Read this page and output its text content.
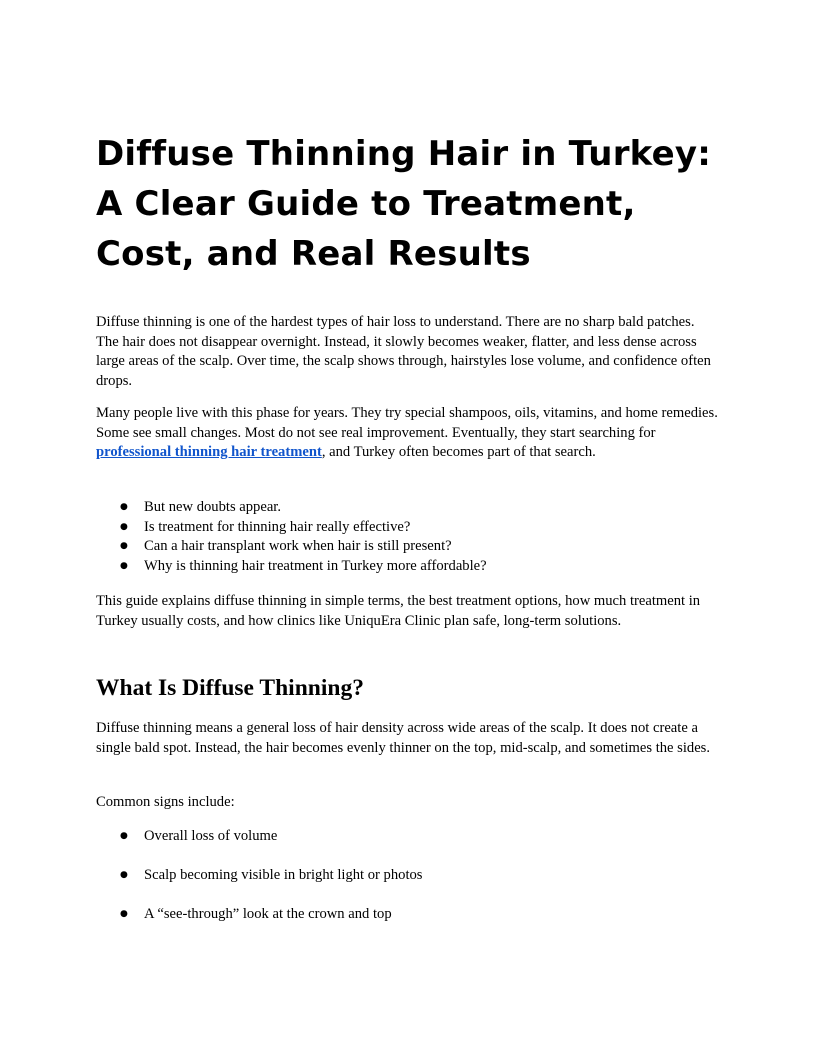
Diffuse Thinning Hair in Turkey: A Clear Guide to Treatment, Cost, and Real Results

Diffuse thinning is one of the hardest types of hair loss to understand. There are no sharp bald patches. The hair does not disappear overnight. Instead, it slowly becomes weaker, flatter, and less dense across large areas of the scalp. Over time, the scalp shows through, hairstyles lose volume, and confidence often drops.

Many people live with this phase for years. They try special shampoos, oils, vitamins, and home remedies. Some see small changes. Most do not see real improvement. Eventually, they start searching for professional thinning hair treatment, and Turkey often becomes part of that search.

● But new doubts appear.
● Is treatment for thinning hair really effective?
● Can a hair transplant work when hair is still present?
● Why is thinning hair treatment in Turkey more affordable?

This guide explains diffuse thinning in simple terms, the best treatment options, how much treatment in Turkey usually costs, and how clinics like UniquEra Clinic plan safe, long-term solutions.

What Is Diffuse Thinning?

Diffuse thinning means a general loss of hair density across wide areas of the scalp. It does not create a single bald spot. Instead, the hair becomes evenly thinner on the top, mid-scalp, and sometimes the sides.

Common signs include:

● Overall loss of volume
● Scalp becoming visible in bright light or photos
● A “see-through” look at the crown and top
